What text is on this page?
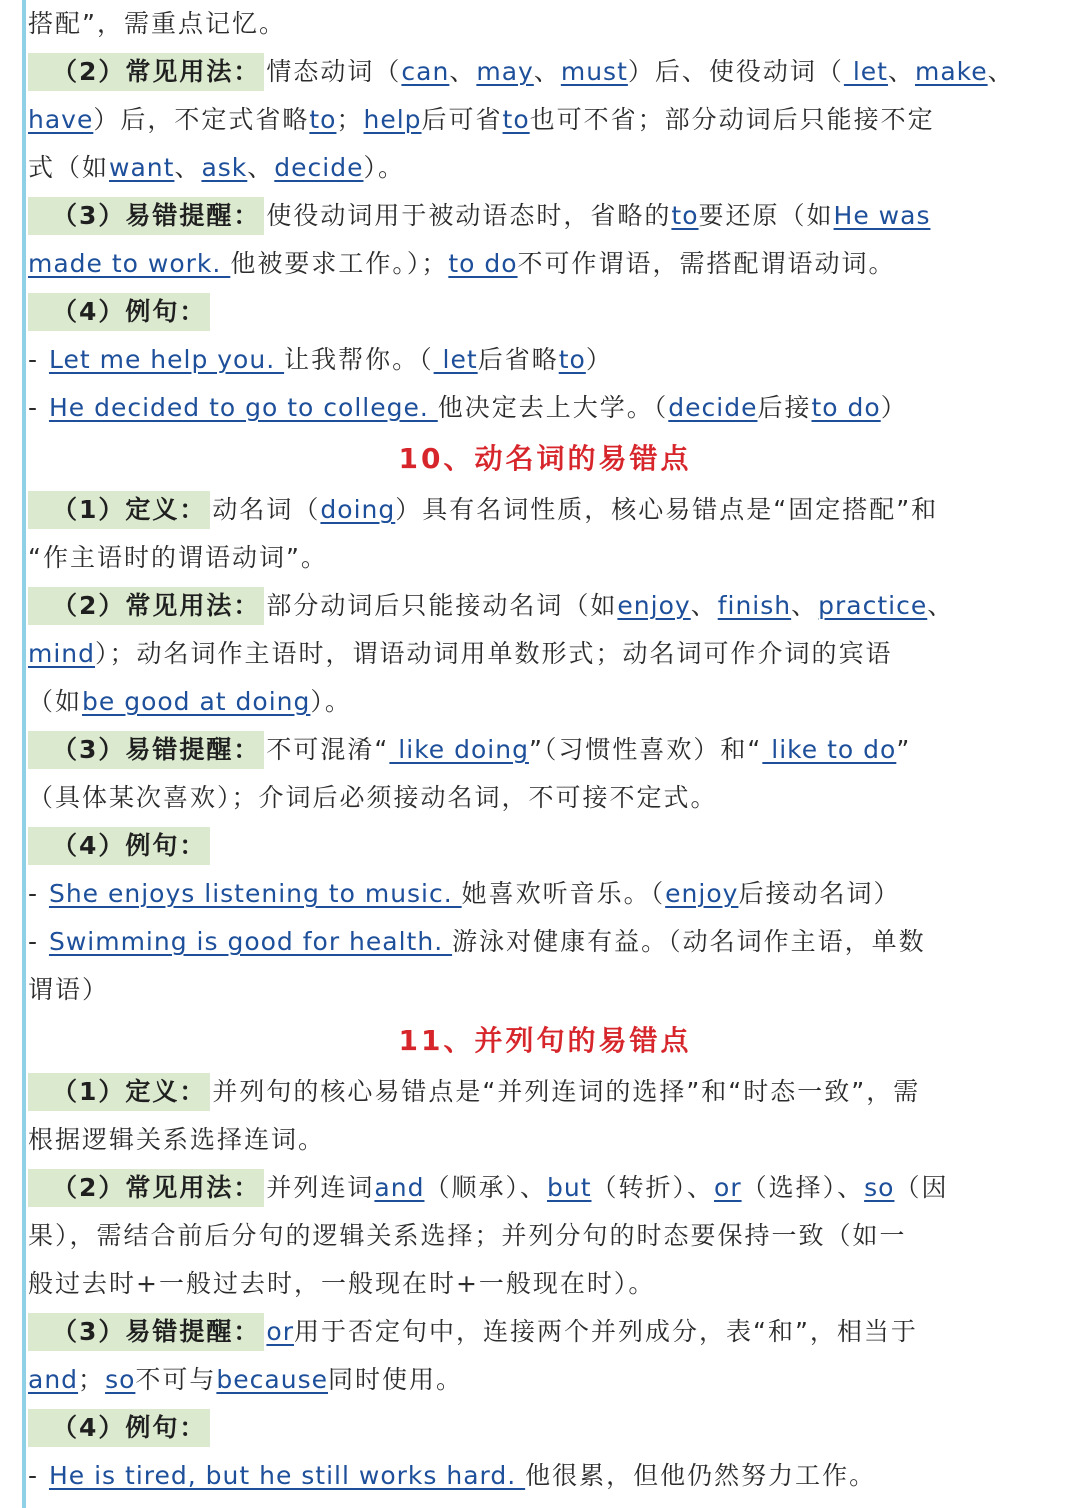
搭配”，需重点记忆。
（2）常见用法： 情态动词（can、may、must）后、使役动词（ let、make、
have）后，不定式省略to；help后可省to也可不省；部分动词后只能接不定
式（如want、ask、decide）。
（3）易错提醒： 使役动词用于被动语态时，省略的to要还原（如He was
made to work. 他被要求工作。）；to do不可作谓语，需搭配谓语动词。
（4）例句：
- Let me help you. 让我帮你。（ let后省略to）
- He decided to go to college. 他决定去上大学。（decide后接to do）
10、动名词的易错点
（1）定义： 动名词（doing）具有名词性质，核心易错点是“固定搭配”和
“作主语时的谓语动词”。
（2）常见用法： 部分动词后只能接动名词（如enjoy、finish、practice、
mind）；动名词作主语时，谓语动词用单数形式；动名词可作介词的宾语
（如be good at doing）。
（3）易错提醒： 不可混淆“ like doing”（习惯性喜欢）和“ like to do”
（具体某次喜欢）；介词后必须接动名词，不可接不定式。
（4）例句：
- She enjoys listening to music. 她喜欢听音乐。（enjoy后接动名词）
- Swimming is good for health. 游泳对健康有益。（动名词作主语，单数
谓语）
11、并列句的易错点
（1）定义： 并列句的核心易错点是“并列连词的选择”和“时态一致”，需
根据逻辑关系选择连词。
（2）常见用法： 并列连词and（顺承）、but（转折）、or（选择）、so（因
果），需结合前后分句的逻辑关系选择；并列分句的时态要保持一致（如一
般过去时+一般过去时，一般现在时+一般现在时）。
（3）易错提醒： or用于否定句中，连接两个并列成分，表“和”，相当于
and；so不可与because同时使用。
（4）例句：
- He is tired, but he still works hard. 他很累，但他仍然努力工作。
